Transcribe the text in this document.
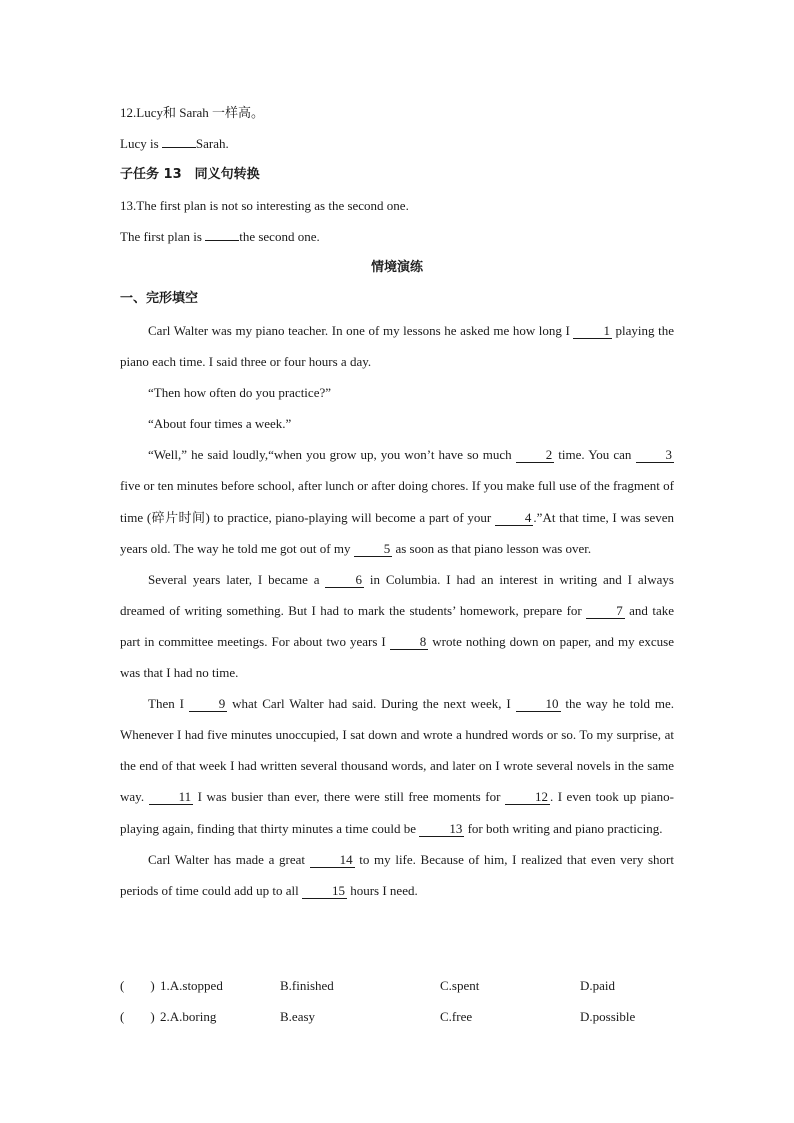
12.Lucy和 Sarah 一样高。
Lucy is	Sarah.
子任务 13　同义句转换
13.The first plan is not so interesting as the second one.
The first plan is	the second one.
情境演练
一、完形填空

Carl Walter was my piano teacher. In one of my lessons he asked me how long I 1 playing the piano each time. I said three or four hours a day.

“Then how often do you practice?”

“About four times a week.”

“Well,” he said loudly,“when you grow up, you won’t have so much 2 time. You can 3 five or ten minutes before school, after lunch or after doing chores. If you make full use of the fragment of time (碎片时间) to practice, piano-playing will become a part of your 4 .”At that time, I was seven years old. The way he told me got out of my 5 as soon as that piano lesson was over.

Several years later, I became a 6 in Columbia. I had an interest in writing and I always dreamed of writing something. But I had to mark the students’ homework, prepare for 7 and take part in committee meetings. For about two years I 8 wrote nothing down on paper, and my excuse was that I had no time.

Then I 9 what Carl Walter had said. During the next week, I 10 the way he told me. Whenever I had five minutes unoccupied, I sat down and wrote a hundred words or so. To my surprise, at the end of that week I had written several thousand words, and later on I wrote several novels in the same way. 11 I was busier than ever, there were still free moments for 12 . I even took up piano-playing again, finding that thirty minutes a time could be 13 for both writing and piano practicing.

Carl Walter has made a great 14 to my life. Because of him, I realized that even very short periods of time could add up to all 15 hours I need.

(　　) 1.A.stopped	B.finished	C.spent	D.paid
(　　) 2.A.boring	B.easy	C.free	D.possible
